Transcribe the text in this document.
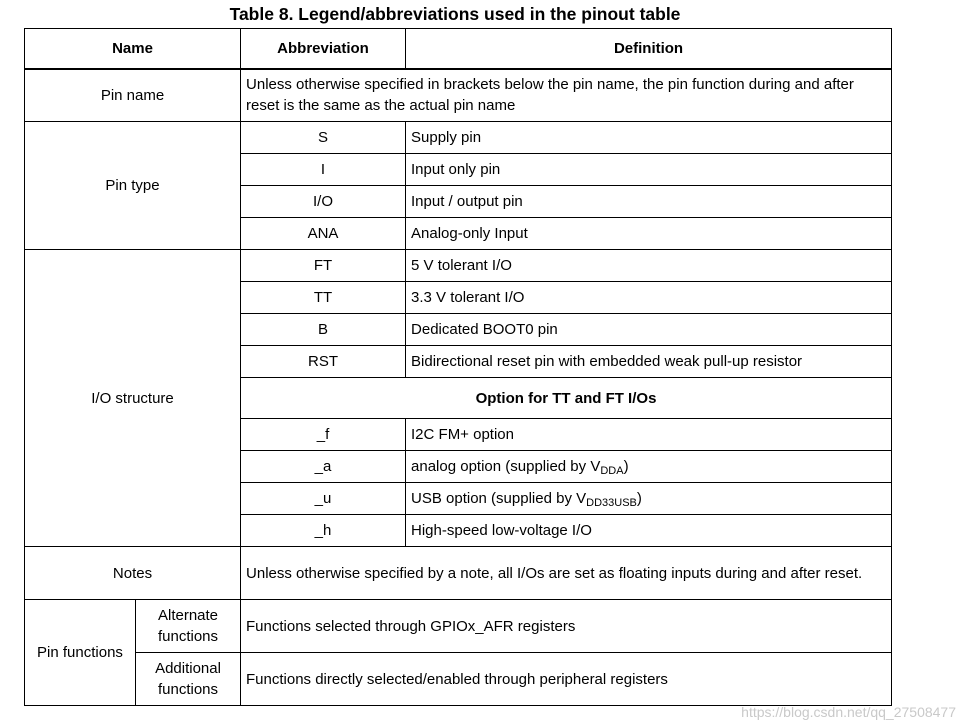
Table 8. Legend/abbreviations used in the pinout table
Name		Abbreviation	Definition
Pin name		Unless otherwise specified in brackets below the pin name, the pin function during and after reset is the same as the actual pin name	
Pin type		S	Supply pin
		I	Input only pin
		I/O	Input / output pin
		ANA	Analog-only Input
I/O structure		FT	5 V tolerant I/O
		TT	3.3 V tolerant I/O
		B	Dedicated BOOT0 pin
		RST	Bidirectional reset pin with embedded weak pull-up resistor
		Option for TT and FT I/Os	
		_f	I2C FM+ option
		_a	analog option (supplied by $V_{DDA}$)
		_u	USB option (supplied by $V_{DD33USB}$)
		_h	High-speed low-voltage I/O
Notes		Unless otherwise specified by a note, all I/Os are set as floating inputs during and after reset.	
Pin functions	Alternate functions	Functions selected through GPIOx_AFR registers	
	Additional functions	Functions directly selected/enabled through peripheral registers	
https://blog.csdn.net/qq_27508477
